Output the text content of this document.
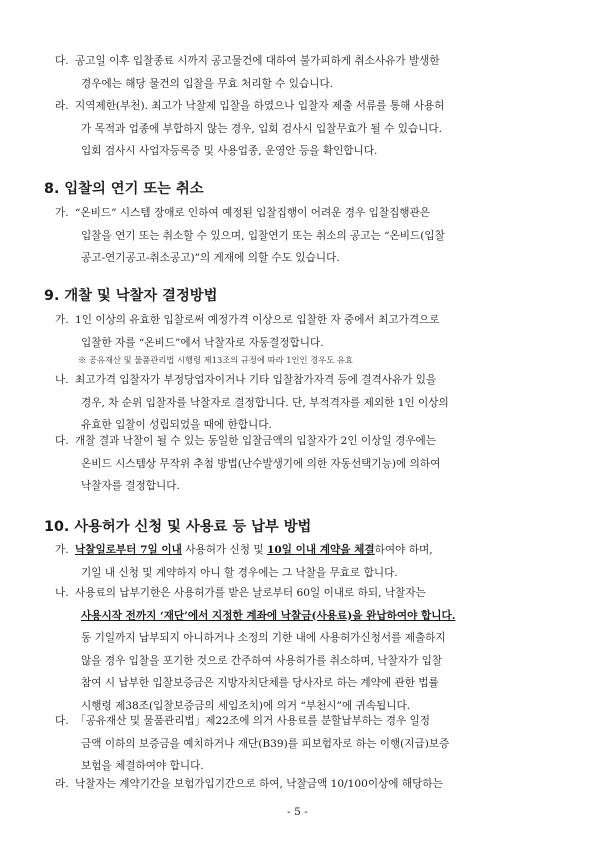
다. 공고일 이후 입찰종료 시까지 공고물건에 대하여 불가피하게 취소사유가 발생한
경우에는 해당 물건의 입찰을 무효 처리할 수 있습니다.
라. 지역제한(부천). 최고가 낙찰제 입찰을 하였으나 입찰자 제출 서류를 통해 사용허
가 목적과 업종에 부합하지 않는 경우, 입회 검사시 입찰무효가 될 수 있습니다.
입회 검사시 사업자등록증 및 사용업종, 운영안 등을 확인합니다.
8. 입찰의 연기 또는 취소
가. “온비드” 시스템 장애로 인하여 예정된 입찰집행이 어려운 경우 입찰집행관은
입찰을 연기 또는 취소할 수 있으며, 입찰연기 또는 취소의 공고는 “온비드(입찰
공고-연기공고-취소공고)”의 게재에 의할 수도 있습니다.
9. 개찰 및 낙찰자 결정방법
가. 1인 이상의 유효한 입찰로써 예정가격 이상으로 입찰한 자 중에서 최고가격으로
입찰한 자를 “온비드”에서 낙찰자로 자동결정합니다.
※ 공유재산 및 물품관리법 시행령 제13조의 규정에 따라 1인인 경우도 유효
나. 최고가격 입찰자가 부정당업자이거나 기타 입찰참가자격 등에 결격사유가 있을
경우, 차 순위 입찰자를 낙찰자로 결정합니다. 단, 부적격자를 제외한 1인 이상의
유효한 입찰이 성립되었을 때에 한합니다.
다. 개찰 결과 낙찰이 될 수 있는 동일한 입찰금액의 입찰자가 2인 이상일 경우에는
온비드 시스템상 무작위 추첨 방법(난수발생기에 의한 자동선택기능)에 의하여
낙찰자를 결정합니다.
10. 사용허가 신청 및 사용료 등 납부 방법
가. 낙찰일로부터 7일 이내 사용허가 신청 및 10일 이내 계약을 체결하여야 하며,
기일 내 신청 및 계약하지 아니 할 경우에는 그 낙찰을 무효로 합니다.
나. 사용료의 납부기한은 사용허가를 받은 날로부터 60일 이내로 하되, 낙찰자는
사용시작 전까지 ‘재단’에서 지정한 계좌에 낙찰금(사용료)을 완납하여야 합니다.
동 기일까지 납부되지 아니하거나 소정의 기한 내에 사용허가신청서를 제출하지
않을 경우 입찰을 포기한 것으로 간주하여 사용허가를 취소하며, 낙찰자가 입찰
참여 시 납부한 입찰보증금은 지방자치단체를 당사자로 하는 계약에 관한 법률
시행령 제38조(입찰보증금의 세입조치)에 의거 “부천시”에 귀속됩니다.
다. 「공유재산 및 물품관리법」제22조에 의거 사용료를 분할납부하는 경우 일정
금액 이하의 보증금을 예치하거나 재단(B39)를 피보험자로 하는 이행(지급)보증
보험을 체결하여야 합니다.
라. 낙찰자는 계약기간을 보험가입기간으로 하여, 낙찰금액 10/100이상에 해당하는
- 5 -
